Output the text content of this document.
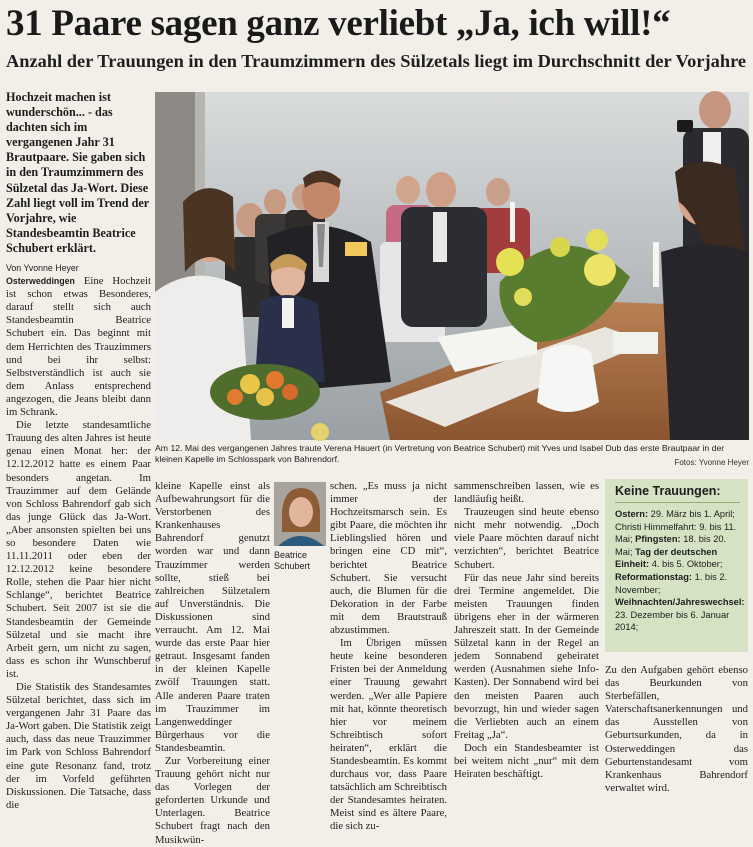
31 Paare sagen ganz verliebt „Ja, ich will!“
Anzahl der Trauungen in den Traumzimmern des Sülzetals liegt im Durchschnitt der Vorjahre
Hochzeit machen ist wunderschön... - das dachten sich im vergangenen Jahr 31 Brautpaare. Sie gaben sich in den Traumzimmern des Sülzetal das Ja-Wort. Diese Zahl liegt voll im Trend der Vorjahre, wie Standesbeamtin Beatrice Schubert erklärt.
Von Yvonne Heyer

Osterweddingen Eine Hochzeit ist schon etwas Besonderes, darauf stellt sich auch Standesbeamtin Beatrice Schubert ein. Das beginnt mit dem Herrichten des Trauzimmers und bei ihr selbst: Selbstverständlich ist auch sie dem Anlass entsprechend angezogen, die Jeans bleibt dann im Schrank.

Die letzte standesamtliche Trauung des alten Jahres ist heute genau einen Monat her: der 12.12.2012 hatte es einem Paar besonders angetan. Im Trauzimmer auf dem Gelände von Schloss Bahrendorf gab sich das junge Glück das Ja-Wort. „Aber ansonsten spielten bei uns so besondere Daten wie 11.11.2011 oder eben der 12.12.2012 keine besondere Rolle, stehen die Paar hier nicht Schlange“, berichtet Beatrice Schubert. Seit 2007 ist sie die Standesbeamtin der Gemeinde Sülzetal und sie macht ihre Arbeit gern, um nicht zu sagen, dass es schon ihr Wunschberuf ist.

Die Statistik des Standesamtes Sülzetal berichtet, dass sich im vergangenen Jahr 31 Paare das Ja-Wort gaben. Die Statistik zeigt auch, dass das neue Trauzimmer im Park von Schloss Bahrendorf eine gute Resonanz fand, trotz der im Vorfeld geführten Diskussionen. Die Tatsache, dass die

Am 12. Mai des vergangenen Jahres traute Verena Hauert (in Vertretung von Beatrice Schubert) mit Yves und Isabel Dub das erste Brautpaar in der kleinen Kapelle im Schlosspark von Bahrendorf.	Fotos: Yvonne Heyer

kleine Kapelle einst als Aufbewahrungsort für die Verstorbenen des Krankenhauses Bahrendorf genutzt worden war und dann Trauzimmer werden sollte, stieß bei zahlreichen Sülzetalern auf Unverständnis. Die Diskussionen sind verraucht. Am 12. Mai wurde das erste Paar hier getraut. Insgesamt fanden in der kleinen Kapelle zwölf Trauungen statt. Alle anderen Paare traten im Trauzimmer im Langenweddinger Bürgerhaus vor die Standesbeamtin.

Zur Vorbereitung einer Trauung gehört nicht nur das Vorlegen der geforderten Urkunde und Unterlagen. Beatrice Schubert fragt nach den Musikwün-

Beatrice
Schubert

schen. „Es muss ja nicht immer der Hochzeitsmarsch sein. Es gibt Paare, die möchten ihr Lieblingslied hören und bringen eine CD mit“, berichtet Beatrice Schubert. Sie versucht auch, die Blumen für die Dekoration in der Farbe mit dem Brautstrauß abzustimmen.

Im Übrigen müssen heute keine besonderen Fristen bei der Anmeldung einer Trauung gewahrt werden. „Wer alle Papiere mit hat, könnte theoretisch hier vor meinem Schreibtisch sofort heiraten“, erklärt die Standesbeamtin. Es kommt durchaus vor, dass Paare tatsächlich am Schreibtisch der Standesamtes heiraten. Meist sind es ältere Paare, die sich zu-

sammenschreiben lassen, wie es landläufig heißt.

Trauzeugen sind heute ebenso nicht mehr notwendig. „Doch viele Paare möchten darauf nicht verzichten“, berichtet Beatrice Schubert.

Für das neue Jahr sind bereits drei Termine angemeldet. Die meisten Trauungen finden übrigens eher in der wärmeren Jahreszeit statt. In der Gemeinde Sülzetal kann in der Regel an jedem Sonnabend geheiratet werden (Ausnahmen siehe Info-Kasten). Der Sonnabend wird bei den meisten Paaren auch bevorzugt, hin und wieder sagen die Verliebten auch an einem Freitag „Ja“.

Doch ein Standesbeamter ist bei weitem nicht „nur“ mit dem Heiraten beschäftigt.

Keine Trauungen:
Ostern: 29. März bis 1. April; Christi Himmelfahrt: 9. bis 11. Mai; Pfingsten: 18. bis 20. Mai; Tag der deutschen Einheit: 4. bis 5. Oktober; Reformationstag: 1. bis 2. November; Weihnachten/Jahreswechsel: 23. Dezember bis 6. Januar 2014;

Zu den Aufgaben gehört ebenso das Beurkunden von Sterbefällen, Vaterschaftsanerkennungen und das Ausstellen von Geburtsurkunden, da in Osterweddingen das Geburtenstandesamt vom Krankenhaus Bahrendorf verwaltet wird.
